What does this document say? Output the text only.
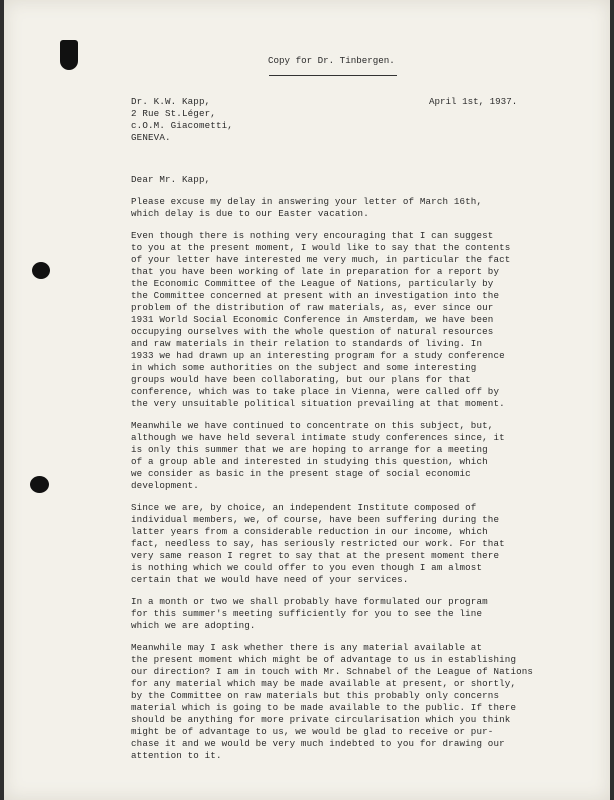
Copy for Dr. Tinbergen.
April 1st, 1937.
Dr. K.W. Kapp,
2 Rue St.Léger,
c.O.M. Giacometti,
GENEVA.
Dear Mr. Kapp,
Please excuse my delay in answering your letter of March 16th,
which delay is due to our Easter vacation.
Even though there is nothing very encouraging that I can suggest
to you at the present moment, I would like to say that the contents
of your letter have interested me very much, in particular the fact
that you have been working of late in preparation for a report by
the Economic Committee of the League of Nations, particularly by
the Committee concerned at present with an investigation into the
problem of the distribution of raw materials, as, ever since our
1931 World Social Economic Conference in Amsterdam, we have been
occupying ourselves with the whole question of natural resources
and raw materials in their relation to standards of living. In
1933 we had drawn up an interesting program for a study conference
in which some authorities on the subject and some interesting
groups would have been collaborating, but our plans for that
conference, which was to take place in Vienna, were called off by
the very unsuitable political situation prevailing at that moment.
Meanwhile we have continued to concentrate on this subject, but,
although we have held several intimate study conferences since, it
is only this summer that we are hoping to arrange for a meeting
of a group able and interested in studying this question, which
we consider as basic in the present stage of social economic
development.
Since we are, by choice, an independent Institute composed of
individual members, we, of course, have been suffering during the
latter years from a considerable reduction in our income, which
fact, needless to say, has seriously restricted our work. For that
very same reason I regret to say that at the present moment there
is nothing which we could offer to you even though I am almost
certain that we would have need of your services.
In a month or two we shall probably have formulated our program
for this summer's meeting sufficiently for you to see the line
which we are adopting.
Meanwhile may I ask whether there is any material available at
the present moment which might be of advantage to us in establishing
our direction? I am in touch with Mr. Schnabel of the League of Nations
for any material which may be made available at present, or shortly,
by the Committee on raw materials but this probably only concerns
material which is going to be made available to the public. If there
should be anything for more private circularisation which you think
might be of advantage to us, we would be glad to receive or pur-
chase it and we would be very much indebted to you for drawing our
attention to it.
